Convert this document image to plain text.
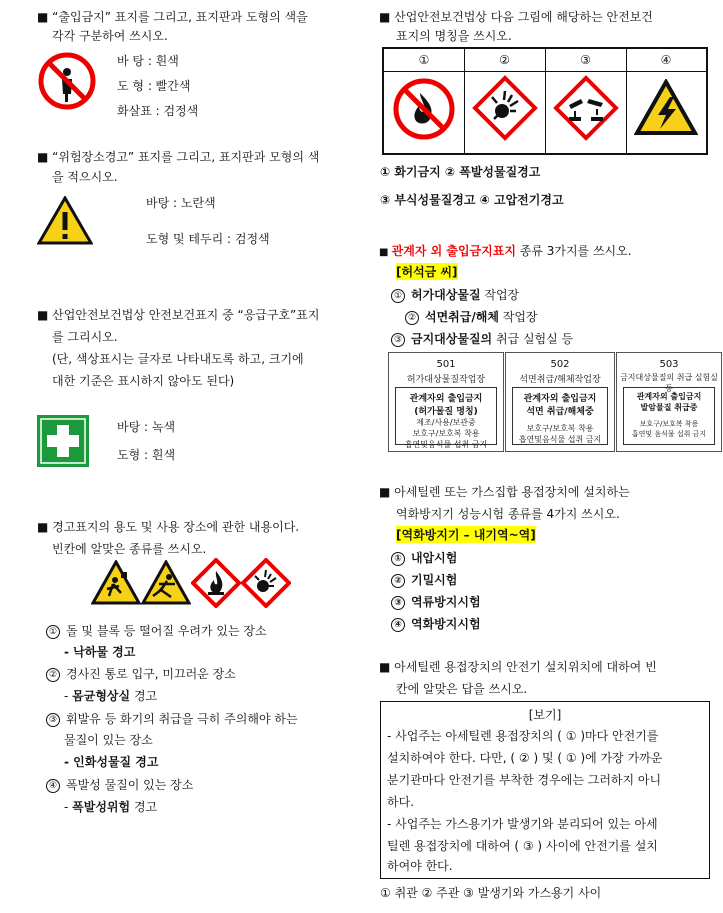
■ “출입금지” 표지를 그리고, 표지판과 도형의 색을
각각 구분하여 쓰시오.
바 탕 : 흰색
도 형 : 빨간색
화살표 : 검정색
■ “위험장소경고” 표지를 그리고, 표지판과 모형의 색
을 적으시오.
바탕 : 노란색
도형 및 테두리 : 검정색
■ 산업안전보건법상 안전보건표지 중 “응급구호”표지
를 그리시오.
(단, 색상표시는 글자로 나타내도록 하고, 크기에
대한 기준은 표시하지 않아도 된다)
바탕 : 녹색
도형 : 흰색
■ 경고표지의 용도 및 사용 장소에 관한 내용이다.
빈칸에 알맞은 종류를 쓰시오.
① 돌 및 블록 등 떨어질 우려가 있는 장소
- 낙하물 경고
② 경사진 통로 입구, 미끄러운 장소
- 몸균형상실 경고
③ 휘발유 등 화기의 취급을 극히 주의해야 하는
물질이 있는 장소
- 인화성물질 경고
④ 폭발성 물질이 있는 장소
- 폭발성위험 경고
■ 산업안전보건법상 다음 그림에 해당하는 안전보건
표지의 명칭을 쓰시오.
①	②	③	④
① 화기금지 ② 폭발성물질경고
③ 부식성물질경고 ④ 고압전기경고
■ 관계자 외 출입금지표지 종류 3가지를 쓰시오.
[허석금 씨]
① 허가대상물질 작업장
② 석면취급/해체 작업장
③ 금지대상물질의 취급 실험실 등
501
허가대상물질작업장
관계자외 출입금지
(허가물질 명칭)
제조/사용/보관중
보호구/보호복 착용
흡연및음식물 섭취 금지
502
석면취급/해체작업장
관계자외 출입금지
석면 취급/해체중
보호구/보호복 착용
흡연및음식물 섭취 금지
503
금지대상물질의 취급 실험실 등
관계자외 출입금지
발암물질 취급중
보호구/보호복 착용
흡연및 음식물 섭취 금지
■ 아세틸렌 또는 가스집합 용접장치에 설치하는
역화방지기 성능시험 종류를 4가지 쓰시오.
[역화방지기 – 내기역~역]
① 내압시험
② 기밀시험
③ 역류방지시험
④ 역화방지시험
■ 아세틸렌 용접장치의 안전기 설치위치에 대하여 빈
칸에 알맞은 답을 쓰시오.
[보기]
- 사업주는 아세틸렌 용접장치의 ( ① )마다 안전기를
설치하여야 한다. 다만, ( ② ) 및 ( ① )에 가장 가까운
분기관마다 안전기를 부착한 경우에는 그러하지 아니
하다.
- 사업주는 가스용기가 발생기와 분리되어 있는 아세
틸렌 용접장치에 대하여 ( ③ ) 사이에 안전기를 설치
하여야 한다.
① 취관 ② 주관 ③ 발생기와 가스용기 사이
